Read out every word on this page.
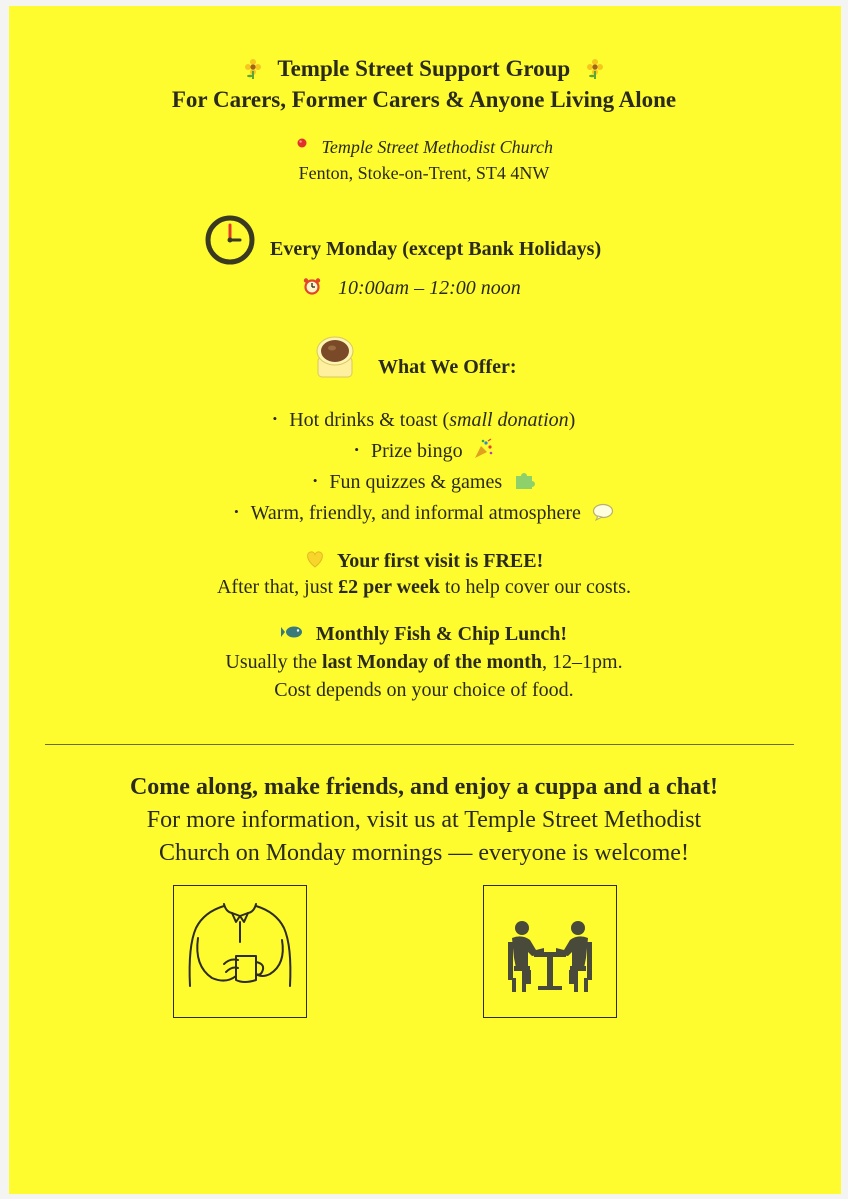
Temple Street Support Group
For Carers, Former Carers & Anyone Living Alone
Temple Street Methodist Church
Fenton, Stoke-on-Trent, ST4 4NW
Every Monday (except Bank Holidays)
10:00am – 12:00 noon
What We Offer:
• Hot drinks & toast (small donation)
• Prize bingo
• Fun quizzes & games
• Warm, friendly, and informal atmosphere
Your first visit is FREE!
After that, just £2 per week to help cover our costs.
Monthly Fish & Chip Lunch!
Usually the last Monday of the month, 12–1pm.
Cost depends on your choice of food.
Come along, make friends, and enjoy a cuppa and a chat!
For more information, visit us at Temple Street Methodist
Church on Monday mornings — everyone is welcome!
